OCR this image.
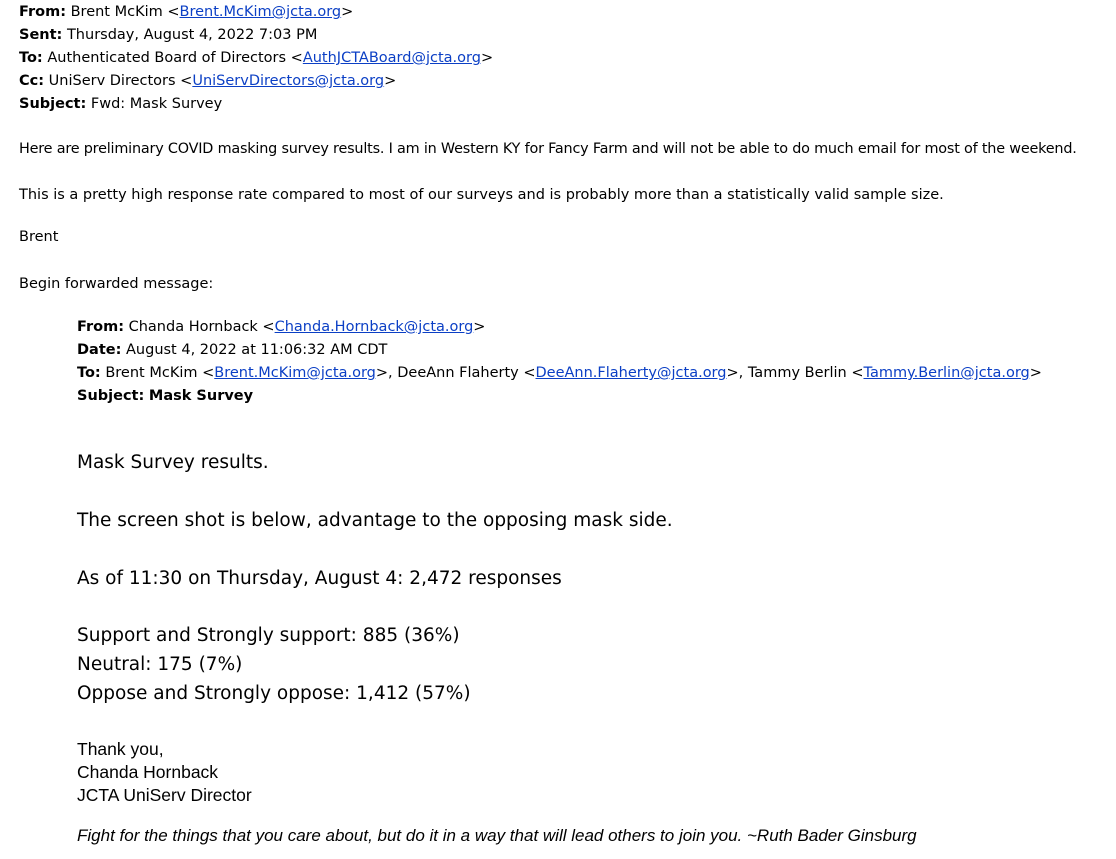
From: Brent McKim <Brent.McKim@jcta.org>
Sent: Thursday, August 4, 2022 7:03 PM
To: Authenticated Board of Directors <AuthJCTABoard@jcta.org>
Cc: UniServ Directors <UniServDirectors@jcta.org>
Subject: Fwd: Mask Survey
Here are preliminary COVID masking survey results. I am in Western KY for Fancy Farm and will not be able to do much email for most of the weekend.
This is a pretty high response rate compared to most of our surveys and is probably more than a statistically valid sample size.
Brent
Begin forwarded message:
From: Chanda Hornback <Chanda.Hornback@jcta.org>
Date: August 4, 2022 at 11:06:32 AM CDT
To: Brent McKim <Brent.McKim@jcta.org>, DeeAnn Flaherty <DeeAnn.Flaherty@jcta.org>, Tammy Berlin <Tammy.Berlin@jcta.org>
Subject: Mask Survey
Mask Survey results.
The screen shot is below, advantage to the opposing mask side.
As of 11:30 on Thursday, August 4: 2,472 responses
Support and Strongly support: 885 (36%)
Neutral: 175 (7%)
Oppose and Strongly oppose: 1,412 (57%)
Thank you,
Chanda Hornback
JCTA UniServ Director
Fight for the things that you care about, but do it in a way that will lead others to join you. ~Ruth Bader Ginsburg
